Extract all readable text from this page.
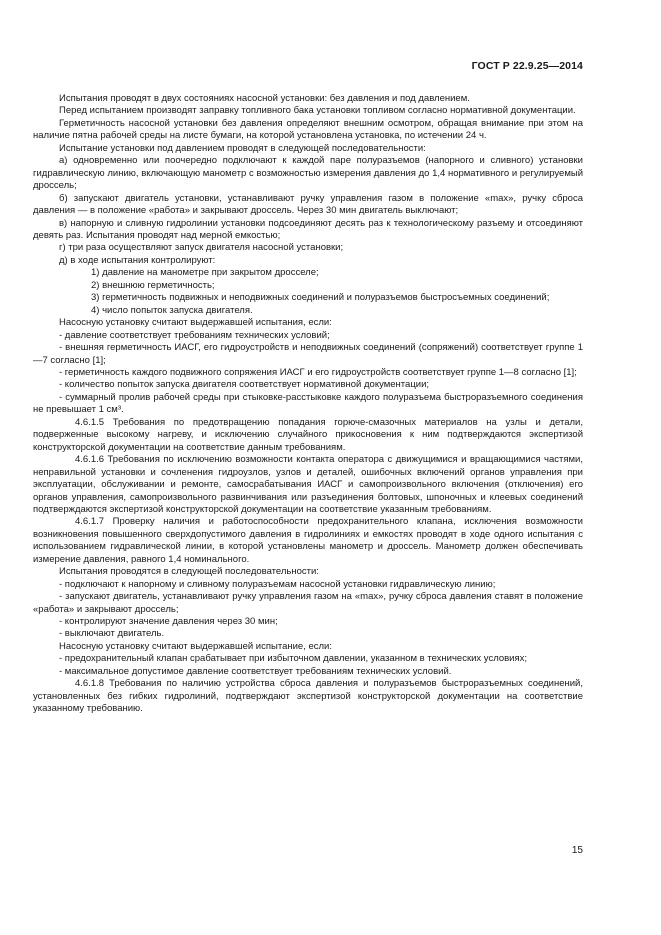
ГОСТ Р 22.9.25—2014

Испытания проводят в двух состояниях насосной установки: без давления и под давлением.

Перед испытанием производят заправку топливного бака установки топливом согласно нормативной документации.

Герметичность насосной установки без давления определяют внешним осмотром, обращая внимание при этом на наличие пятна рабочей среды на листе бумаги, на которой установлена установка, по истечении 24 ч.

Испытание установки под давлением проводят в следующей последовательности:

а) одновременно или поочередно подключают к каждой паре полуразъемов (напорного и сливного) установки гидравлическую линию, включающую манометр с возможностью измерения давления до 1,4 нормативного и регулируемый дроссель;

б) запускают двигатель установки, устанавливают ручку управления газом в положение «max», ручку сброса давления — в положение «работа» и закрывают дроссель. Через 30 мин двигатель выключают;

в) напорную и сливную гидролинии установки подсоединяют десять раз к технологическому разъему и отсоединяют девять раз. Испытания проводят над мерной емкостью;

г) три раза осуществляют запуск двигателя насосной установки;

д) в ходе испытания контролируют:

1) давление на манометре при закрытом дросселе;

2) внешнюю герметичность;

3) герметичность подвижных и неподвижных соединений и полуразъемов быстросъемных соединений;

4) число попыток запуска двигателя.

Насосную установку считают выдержавшей испытания, если:

- давление соответствует требованиям технических условий;

- внешняя герметичность ИАСГ, его гидроустройств и неподвижных соединений (сопряжений) соответствует группе 1—7 согласно [1];

- герметичность каждого подвижного сопряжения ИАСГ и его гидроустройств соответствует группе 1—8 согласно [1];

- количество попыток запуска двигателя соответствует нормативной документации;

- суммарный пролив рабочей среды при стыковке-расстыковке каждого полуразъема быстроразъемного соединения не превышает 1 см³.

4.6.1.5 Требования по предотвращению попадания горюче-смазочных материалов на узлы и детали, подверженные высокому нагреву, и исключению случайного прикосновения к ним подтверждаются экспертизой конструкторской документации на соответствие данным требованиям.

4.6.1.6 Требования по исключению возможности контакта оператора с движущимися и вращающимися частями, неправильной установки и сочленения гидроузлов, узлов и деталей, ошибочных включений органов управления при эксплуатации, обслуживании и ремонте, самосрабатывания ИАСГ и самопроизвольного включения (отключения) его органов управления, самопроизвольного развинчивания или разъединения болтовых, шпоночных и клеевых соединений подтверждаются экспертизой конструкторской документации на соответствие указанным требованиям.

4.6.1.7 Проверку наличия и работоспособности предохранительного клапана, исключения возможности возникновения повышенного сверхдопустимого давления в гидролиниях и емкостях проводят в ходе одного испытания с использованием гидравлической линии, в которой установлены манометр и дроссель. Манометр должен обеспечивать измерение давления, равного 1,4 номинального.

Испытания проводятся в следующей последовательности:

- подключают к напорному и сливному полуразъемам насосной установки гидравлическую линию;

- запускают двигатель, устанавливают ручку управления газом на «max», ручку сброса давления ставят в положение «работа» и закрывают дроссель;

- контролируют значение давления через 30 мин;

- выключают двигатель.

Насосную установку считают выдержавшей испытание, если:

- предохранительный клапан срабатывает при избыточном давлении, указанном в технических условиях;

- максимальное допустимое давление соответствует требованиям технических условий.

4.6.1.8 Требования по наличию устройства сброса давления и полуразъемов быстроразъемных соединений, установленных без гибких гидролиний, подтверждают экспертизой конструкторской документации на соответствие указанному требованию.

15
